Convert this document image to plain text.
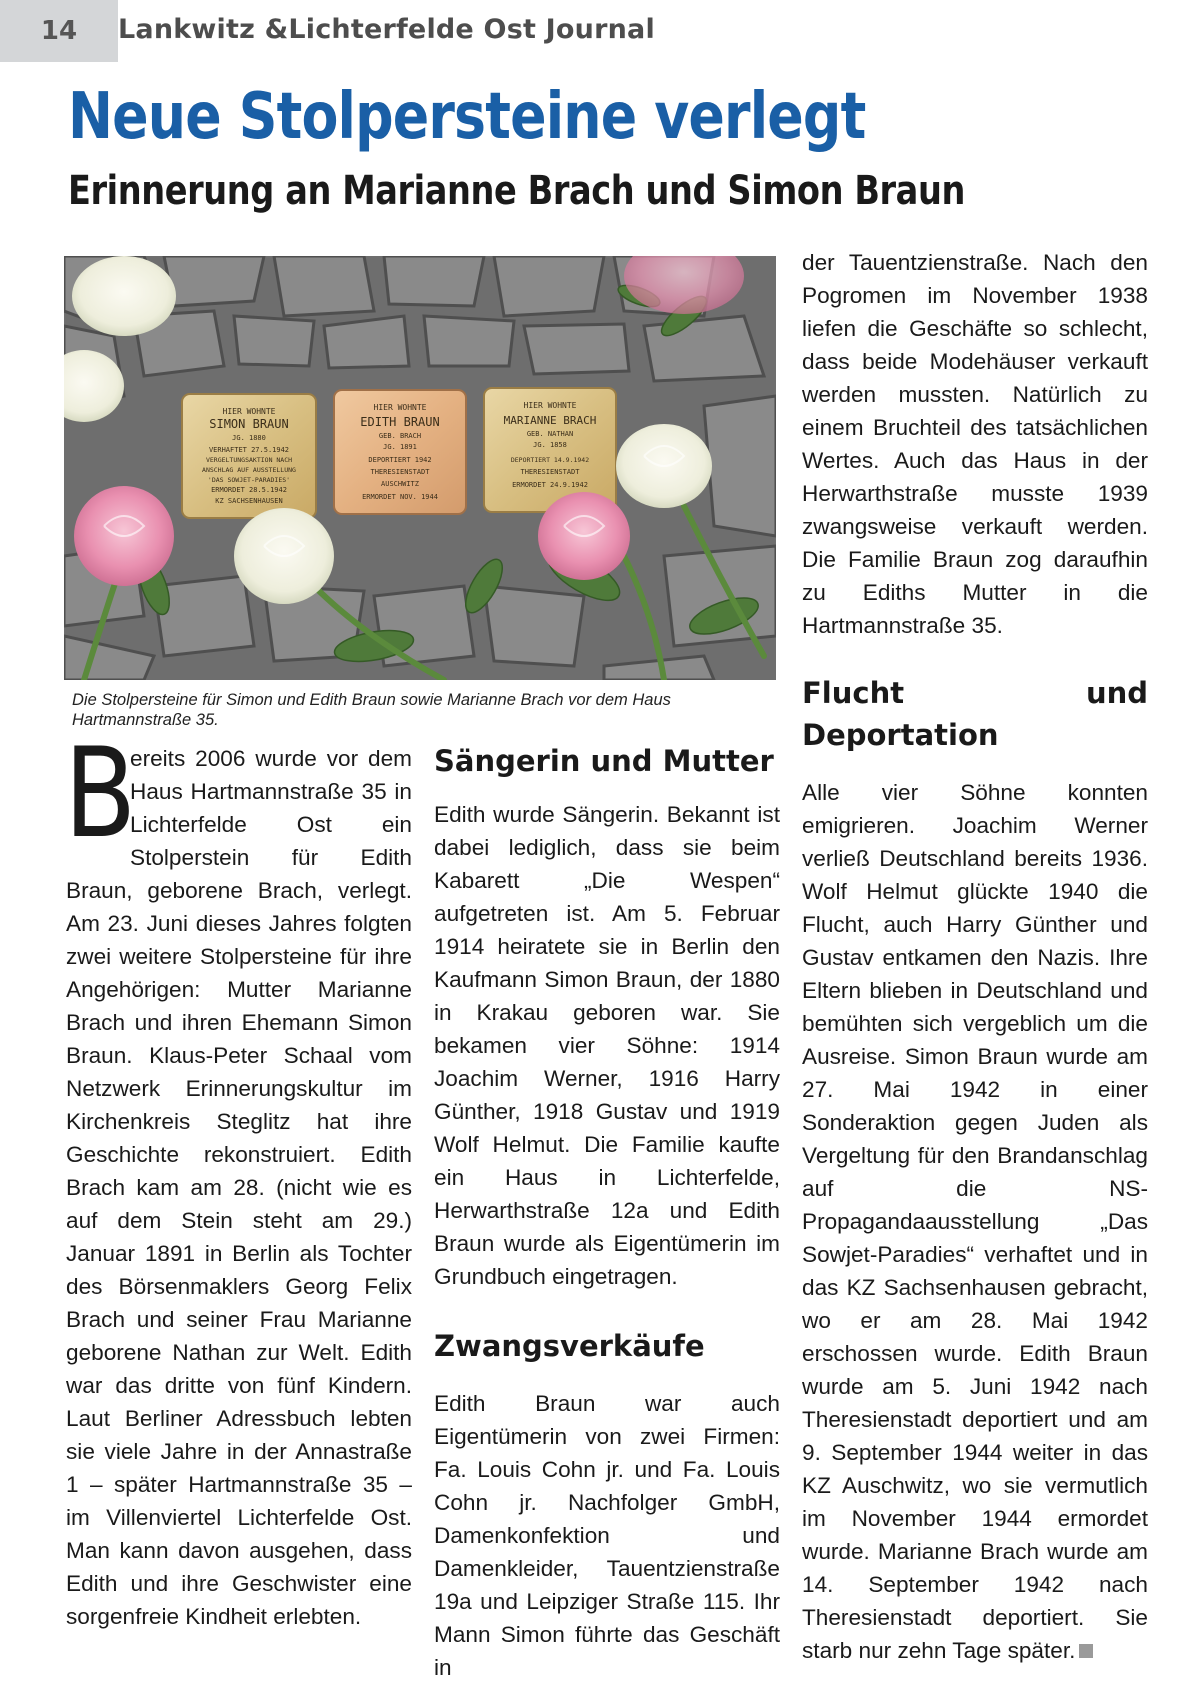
14	Lankwitz &Lichterfelde Ost Journal
Neue Stolpersteine verlegt
Erinnerung an Marianne Brach und Simon Braun
HIER WOHNTE
SIMON BRAUN
JG. 1880
VERHAFTET 27.5.1942
VERGELTUNGSAKTION NACH
ANSCHLAG AUF AUSSTELLUNG
'DAS SOWJET-PARADIES'
ERMORDET 28.5.1942
KZ SACHSENHAUSEN
HIER WOHNTE
EDITH BRAUN
GEB. BRACH
JG. 1891
DEPORTIERT 1942
THERESIENSTADT
AUSCHWITZ
ERMORDET NOV. 1944
HIER WOHNTE
MARIANNE BRACH
GEB. NATHAN
JG. 1858
DEPORTIERT 14.9.1942
THERESIENSTADT
ERMORDET 24.9.1942
Die Stolpersteine für Simon und Edith Braun sowie Marianne Brach vor dem Haus Hartmannstraße 35.

B
ereits 2006 wurde vor dem Haus Hartmannstraße 35 in Lichterfelde Ost ein Stolperstein für Edith Braun, geborene Brach, verlegt. Am 23. Juni dieses Jahres folgten zwei weitere Stolpersteine für ihre Angehörigen: Mutter Marianne Brach und ihren Ehemann Simon Braun. Klaus-Peter Schaal vom Netzwerk Erinnerungskultur im Kirchenkreis Steglitz hat ihre Geschichte rekonstruiert. Edith Brach kam am 28. (nicht wie es auf dem Stein steht am 29.) Januar 1891 in Berlin als Tochter des Börsenmaklers Georg Felix Brach und seiner Frau Marianne geborene Nathan zur Welt. Edith war das dritte von fünf Kindern. Laut Berliner Adressbuch lebten sie viele Jahre in der Annastraße 1 – später Hartmannstraße 35 – im Villenviertel Lichterfelde Ost. Man kann davon ausgehen, dass Edith und ihre Geschwister eine sorgenfreie Kindheit erlebten.

Sängerin und Mutter

Edith wurde Sängerin. Bekannt ist dabei lediglich, dass sie beim Kabarett „Die Wespen“ aufgetreten ist. Am 5. Februar 1914 heiratete sie in Berlin den Kaufmann Simon Braun, der 1880 in Krakau geboren war. Sie bekamen vier Söhne: 1914 Joachim Werner, 1916 Harry Günther, 1918 Gustav und 1919 Wolf Helmut. Die Familie kaufte ein Haus in Lichterfelde, Herwarthstraße 12a und Edith Braun wurde als Eigentümerin im Grundbuch eingetragen.

Zwangsverkäufe

Edith Braun war auch Eigentümerin von zwei Firmen: Fa. Louis Cohn jr. und Fa. Louis Cohn jr. Nachfolger GmbH, Damenkonfektion und Damenkleider, Tauentzienstraße 19a und Leipziger Straße 115. Ihr Mann Simon führte das Geschäft in

der Tauentzienstraße. Nach den Pogromen im November 1938 liefen die Geschäfte so schlecht, dass beide Modehäuser verkauft werden mussten. Natürlich zu einem Bruchteil des tatsächlichen Wertes. Auch das Haus in der Herwarthstraße musste 1939 zwangsweise verkauft werden. Die Familie Braun zog daraufhin zu Ediths Mutter in die Hartmannstraße 35.

Flucht und Deportation

Alle vier Söhne konnten emigrieren. Joachim Werner verließ Deutschland bereits 1936. Wolf Helmut glückte 1940 die Flucht, auch Harry Günther und Gustav entkamen den Nazis. Ihre Eltern blieben in Deutschland und bemühten sich vergeblich um die Ausreise. Simon Braun wurde am 27. Mai 1942 in einer Sonderaktion gegen Juden als Vergeltung für den Brandanschlag auf die NS-Propagandaausstellung „Das Sowjet-Paradies“ verhaftet und in das KZ Sachsenhausen gebracht, wo er am 28. Mai 1942 erschossen wurde. Edith Braun wurde am 5. Juni 1942 nach Theresienstadt deportiert und am 9. September 1944 weiter in das KZ Auschwitz, wo sie vermutlich im November 1944 ermordet wurde. Marianne Brach wurde am 14. September 1942 nach Theresienstadt deportiert. Sie starb nur zehn Tage später.
